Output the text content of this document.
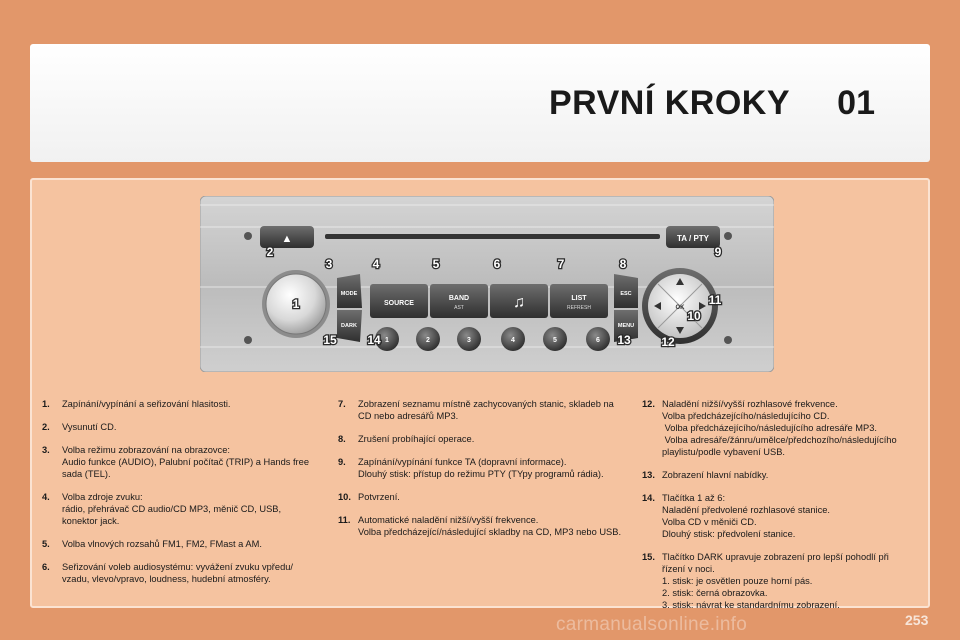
PRVNÍ KROKY 01
▲	TA / PTY
MODE
DARK
SOURCE
BAND
AST	♫	LIST
REFRESH
ESC
MENU
OK
1	2	3	4	5	6
1
2
3	4	5	6	7	8
9
10
11
12
13
14
15
1. Zapínání/vypínání a seřizování hlasitosti.
2. Vysunutí CD.
3. Volba režimu zobrazování na obrazovce:
Audio funkce (AUDIO), Palubní počítač (TRIP) a Hands free
sada (TEL).
4. Volba zdroje zvuku:
rádio, přehrávač CD audio/CD MP3, měnič CD, USB,
konektor jack.
5. Volba vlnových rozsahů FM1, FM2, FMast a AM.
6. Seřizování voleb audiosystému: vyvážení zvuku vpředu/
vzadu, vlevo/vpravo, loudness, hudební atmosféry.
7. Zobrazení seznamu místně zachycovaných stanic, skladeb na
CD nebo adresářů MP3.
8. Zrušení probíhající operace.
9. Zapínání/vypínání funkce TA (dopravní informace).
Dlouhý stisk: přístup do režimu PTY (TYpy programů rádia).
10. Potvrzení.
11. Automatické naladění nižší/vyšší frekvence.
Volba předcházející/následující skladby na CD, MP3 nebo USB.
12. Naladění nižší/vyšší rozhlasové frekvence.
Volba předcházejícího/následujícího CD.
Volba předcházejícího/následujícího adresáře MP3.
Volba adresáře/žánru/umělce/předchozího/následujícího
playlistu/podle vybavení USB.
13. Zobrazení hlavní nabídky.
14. Tlačítka 1 až 6:
Naladění předvolené rozhlasové stanice.
Volba CD v měniči CD.
Dlouhý stisk: předvolení stanice.
15. Tlačítko DARK upravuje zobrazení pro lepší pohodlí při
řízení v noci.
1. stisk: je osvětlen pouze horní pás.
2. stisk: černá obrazovka.
3. stisk: návrat ke standardnímu zobrazení.
carmanualsonline.info	253
